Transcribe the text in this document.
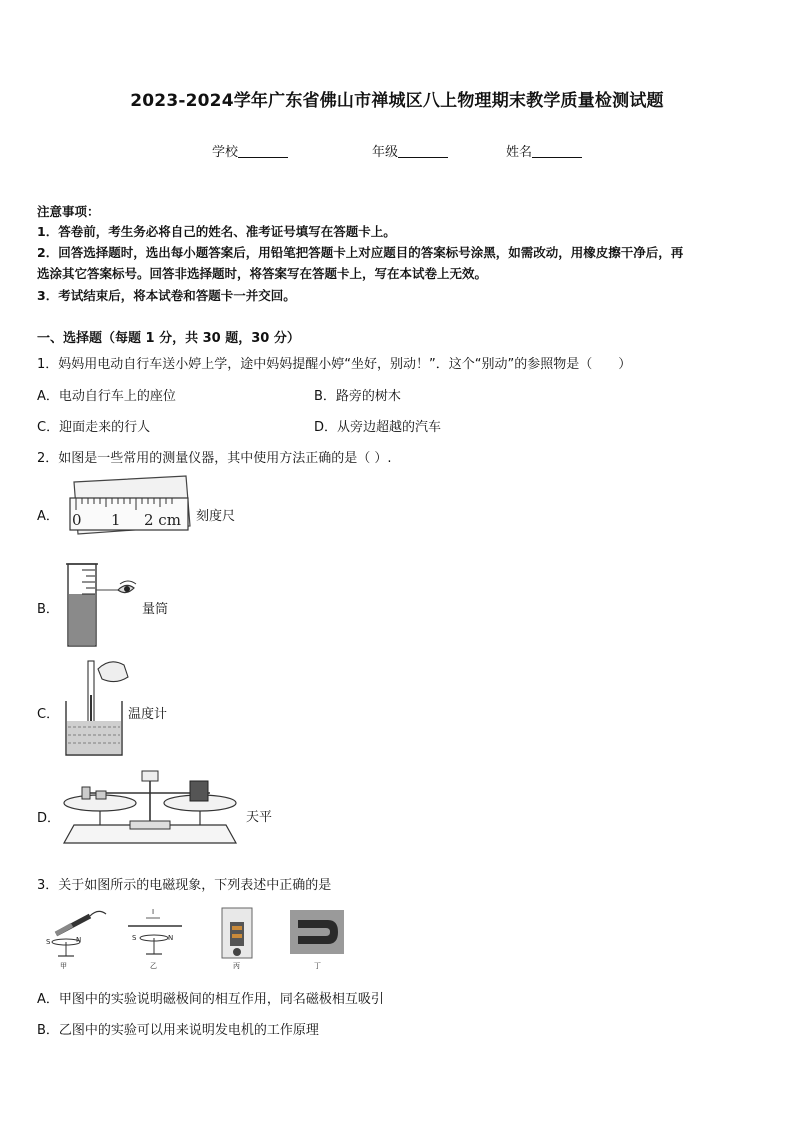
2023-2024学年广东省佛山市禅城区八上物理期末教学质量检测试题
学校	年级	姓名
注意事项：
1．答卷前，考生务必将自己的姓名、准考证号填写在答题卡上。
2．回答选择题时，选出每小题答案后，用铅笔把答题卡上对应题目的答案标号涂黑，如需改动，用橡皮擦干净后，再
选涂其它答案标号。回答非选择题时，将答案写在答题卡上，写在本试卷上无效。
3．考试结束后，将本试卷和答题卡一并交回。
一、选择题（每题 1 分，共 30 题，30 分）
1．妈妈用电动自行车送小婷上学，途中妈妈提醒小婷“坐好，别动！”．这个“别动”的参照物是（　　）
A．电动自行车上的座位	B．路旁的树木
C．迎面走来的行人	D．从旁边超越的汽车
2．如图是一些常用的测量仪器，其中使用方法正确的是（ ）.
A． 0 1 2 cm 刻度尺
B．	量筒
C．	温度计
D．	天平
3．关于如图所示的电磁现象，下列表述中正确的是
S	N
甲
I
S	N
乙	丙	丁
A．甲图中的实验说明磁极间的相互作用，同名磁极相互吸引
B．乙图中的实验可以用来说明发电机的工作原理
